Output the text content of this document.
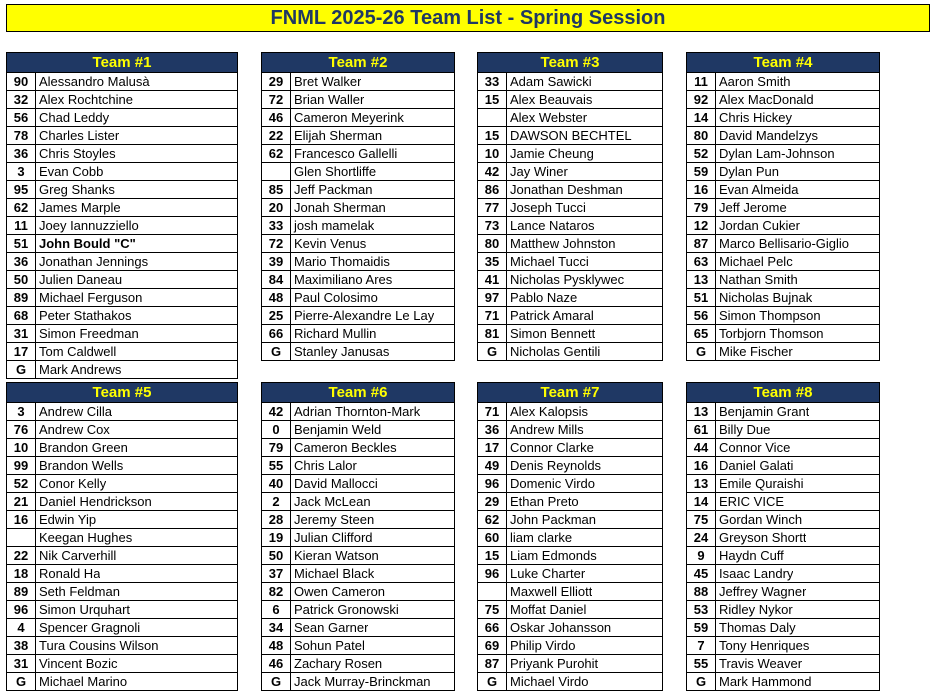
FNML 2025-26 Team List - Spring Session
Team #1
90 Alessandro Malusà
32 Alex Rochtchine
56 Chad Leddy
78 Charles Lister
36 Chris Stoyles
3	Evan Cobb
95 Greg Shanks
62 James Marple
11 Joey Iannuzziello
51 John Bould "C"
36 Jonathan Jennings
50 Julien Daneau
89 Michael Ferguson
68 Peter Stathakos
31 Simon Freedman
17 Tom Caldwell
G Mark Andrews
Team #2
29 Bret Walker
72 Brian Waller
46 Cameron Meyerink
22 Elijah Sherman
62 Francesco Gallelli
Glen Shortliffe
85 Jeff Packman
20 Jonah Sherman
33 josh mamelak
72 Kevin Venus
39 Mario Thomaidis
84 Maximiliano Ares
48 Paul Colosimo
25 Pierre-Alexandre Le Lay
66 Richard Mullin
G Stanley Janusas
Team #3
33 Adam Sawicki
15 Alex Beauvais
Alex Webster
15 DAWSON BECHTEL
10 Jamie Cheung
42 Jay Winer
86 Jonathan Deshman
77 Joseph Tucci
73 Lance Nataros
80 Matthew Johnston
35 Michael Tucci
41 Nicholas Pysklywec
97 Pablo Naze
71 Patrick Amaral
81 Simon Bennett
G Nicholas Gentili
Team #4
11 Aaron Smith
92 Alex MacDonald
14 Chris Hickey
80 David Mandelzys
52 Dylan Lam-Johnson
59 Dylan Pun
16 Evan Almeida
79 Jeff Jerome
12 Jordan Cukier
87 Marco Bellisario-Giglio
63 Michael Pelc
13 Nathan Smith
51 Nicholas Bujnak
56 Simon Thompson
65 Torbjorn Thomson
G Mike Fischer
Team #5
3	Andrew Cilla
76 Andrew Cox
10 Brandon Green
99 Brandon Wells
52 Conor Kelly
21 Daniel Hendrickson
16 Edwin Yip
Keegan Hughes
22 Nik Carverhill
18 Ronald Ha
89 Seth Feldman
96 Simon Urquhart
4	Spencer Gragnoli
38 Tura Cousins Wilson
31 Vincent Bozic
G Michael Marino
Team #6
42 Adrian Thornton-Mark
0	Benjamin Weld
79 Cameron Beckles
55 Chris Lalor
40 David Mallocci
2	Jack McLean
28 Jeremy Steen
19 Julian Clifford
50 Kieran Watson
37 Michael Black
82 Owen Cameron
6	Patrick Gronowski
34 Sean Garner
48 Sohun Patel
46 Zachary Rosen
G Jack Murray-Brinckman
Team #7
71 Alex Kalopsis
36 Andrew Mills
17 Connor Clarke
49 Denis Reynolds
96 Domenic Virdo
29 Ethan Preto
62 John Packman
60 liam clarke
15 Liam Edmonds
96 Luke Charter
Maxwell Elliott
75 Moffat Daniel
66 Oskar Johansson
69 Philip Virdo
87 Priyank Purohit
G Michael Virdo
Team #8
13 Benjamin Grant
61 Billy Due
44 Connor Vice
16 Daniel Galati
13 Emile Quraishi
14 ERIC VICE
75 Gordan Winch
24 Greyson Shortt
9	Haydn Cuff
45 Isaac Landry
88 Jeffrey Wagner
53 Ridley Nykor
59 Thomas Daly
7	Tony Henriques
55 Travis Weaver
G Mark Hammond
